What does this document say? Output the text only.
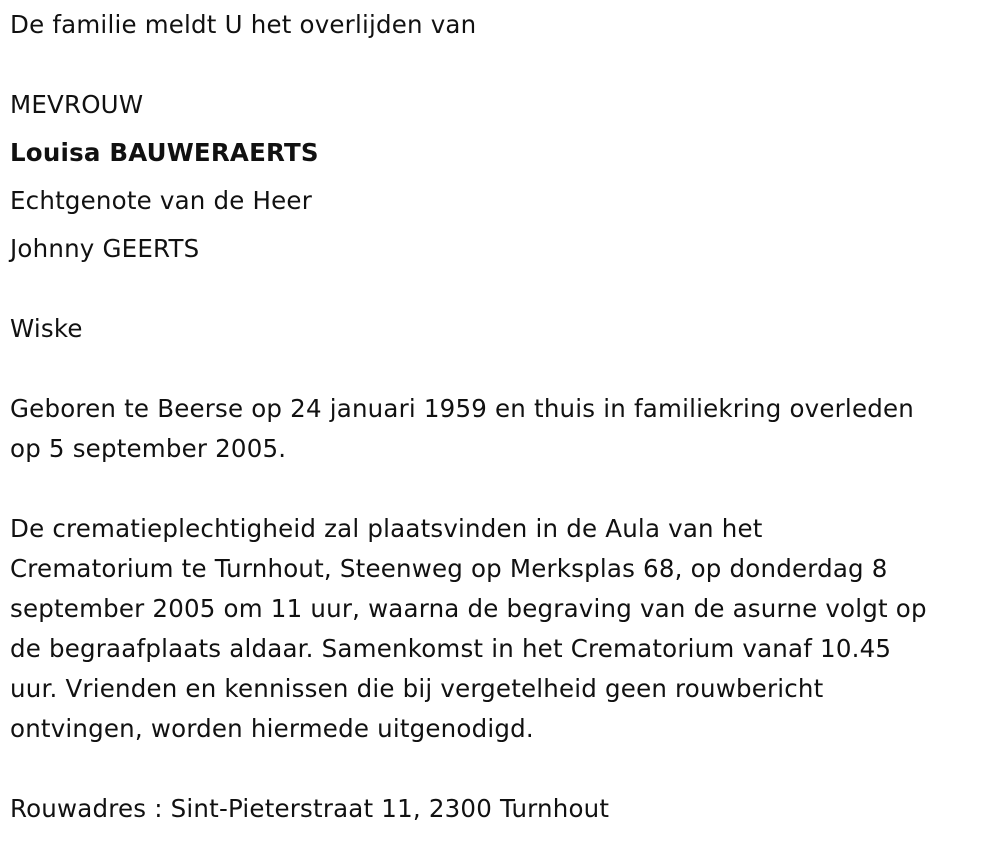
De familie meldt U het overlijden van
MEVROUW
Louisa BAUWERAERTS
Echtgenote van de Heer
Johnny GEERTS
Wiske
Geboren te Beerse op 24 januari 1959 en thuis in familiekring overleden
op 5 september 2005.
De crematieplechtigheid zal plaatsvinden in de Aula van het
Crematorium te Turnhout, Steenweg op Merksplas 68, op donderdag 8
september 2005 om 11 uur, waarna de begraving van de asurne volgt op
de begraafplaats aldaar. Samenkomst in het Crematorium vanaf 10.45
uur. Vrienden en kennissen die bij vergetelheid geen rouwbericht
ontvingen, worden hiermede uitgenodigd.
Rouwadres : Sint-Pieterstraat 11, 2300 Turnhout
